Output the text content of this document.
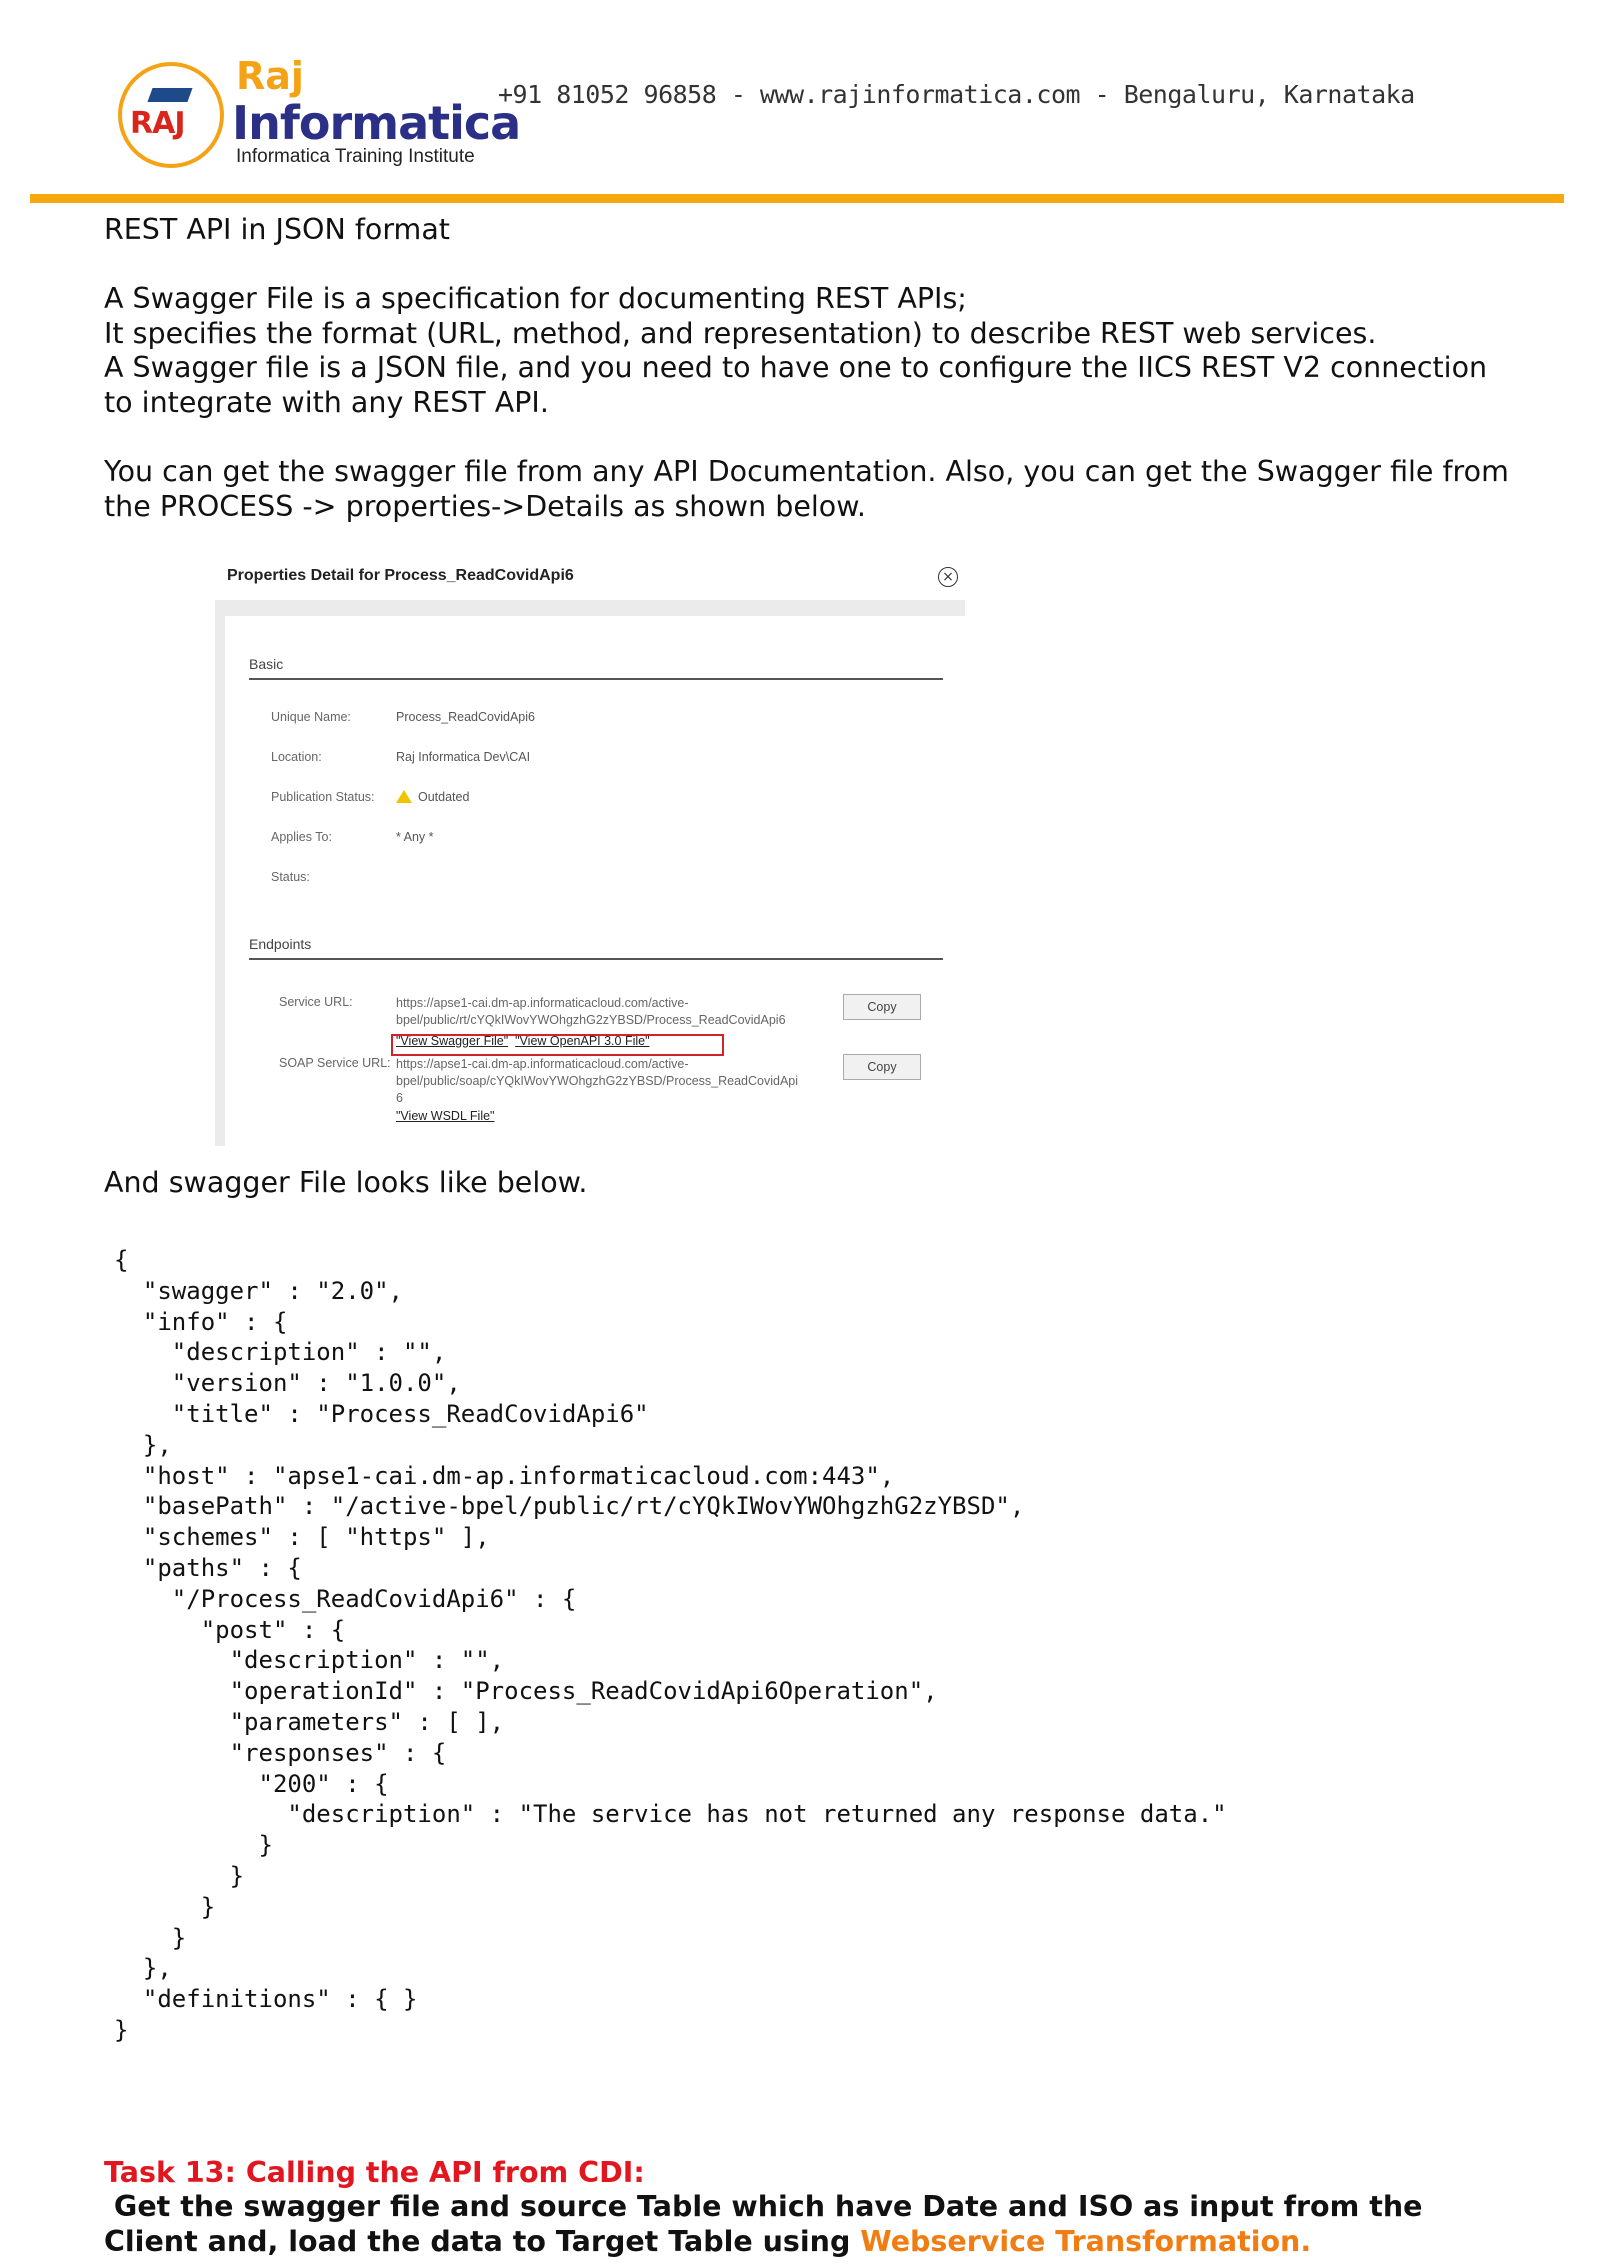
RAJ
Raj
Informatica
Informatica Training Institute
+91 81052 96858 - www.rajinformatica.com - Bengaluru, Karnataka
REST API in JSON format
A Swagger File is a specification for documenting REST APIs;
It specifies the format (URL, method, and representation) to describe REST web services.
A Swagger file is a JSON file, and you need to have one to configure the IICS REST V2 connection
to integrate with any REST API.
You can get the swagger file from any API Documentation. Also, you can get the Swagger file from
the PROCESS -> properties->Details as shown below.
Properties Detail for Process_ReadCovidApi6	×
Basic
Unique Name:	Process_ReadCovidApi6
Location:	Raj Informatica Dev\CAI
Publication Status:	Outdated
Applies To:	* Any *
Status:
Endpoints
Service URL:	https://apse1-cai.dm-ap.informaticacloud.com/active-
bpel/public/rt/cYQkIWovYWOhgzhG2zYBSD/Process_ReadCovidApi6
"View Swagger File" "View OpenAPI 3.0 File"
Copy
SOAP Service URL: https://apse1-cai.dm-ap.informaticacloud.com/active-
bpel/public/soap/cYQkIWovYWOhgzhG2zYBSD/Process_ReadCovidApi
6
"View WSDL File"
Copy
And swagger File looks like below.
{
"swagger" : "2.0",
"info" : {
"description" : "",
"version" : "1.0.0",
"title" : "Process_ReadCovidApi6"
},
"host" : "apse1-cai.dm-ap.informaticacloud.com:443",
"basePath" : "/active-bpel/public/rt/cYQkIWovYWOhgzhG2zYBSD",
"schemes" : [ "https" ],
"paths" : {
"/Process_ReadCovidApi6" : {
"post" : {
"description" : "",
"operationId" : "Process_ReadCovidApi6Operation",
"parameters" : [ ],
"responses" : {
"200" : {
"description" : "The service has not returned any response data."
}
}
}
}
},
"definitions" : { }
}
Task 13: Calling the API from CDI:
Get the swagger file and source Table which have Date and ISO as input from the
Client and, load the data to Target Table using Webservice Transformation.
